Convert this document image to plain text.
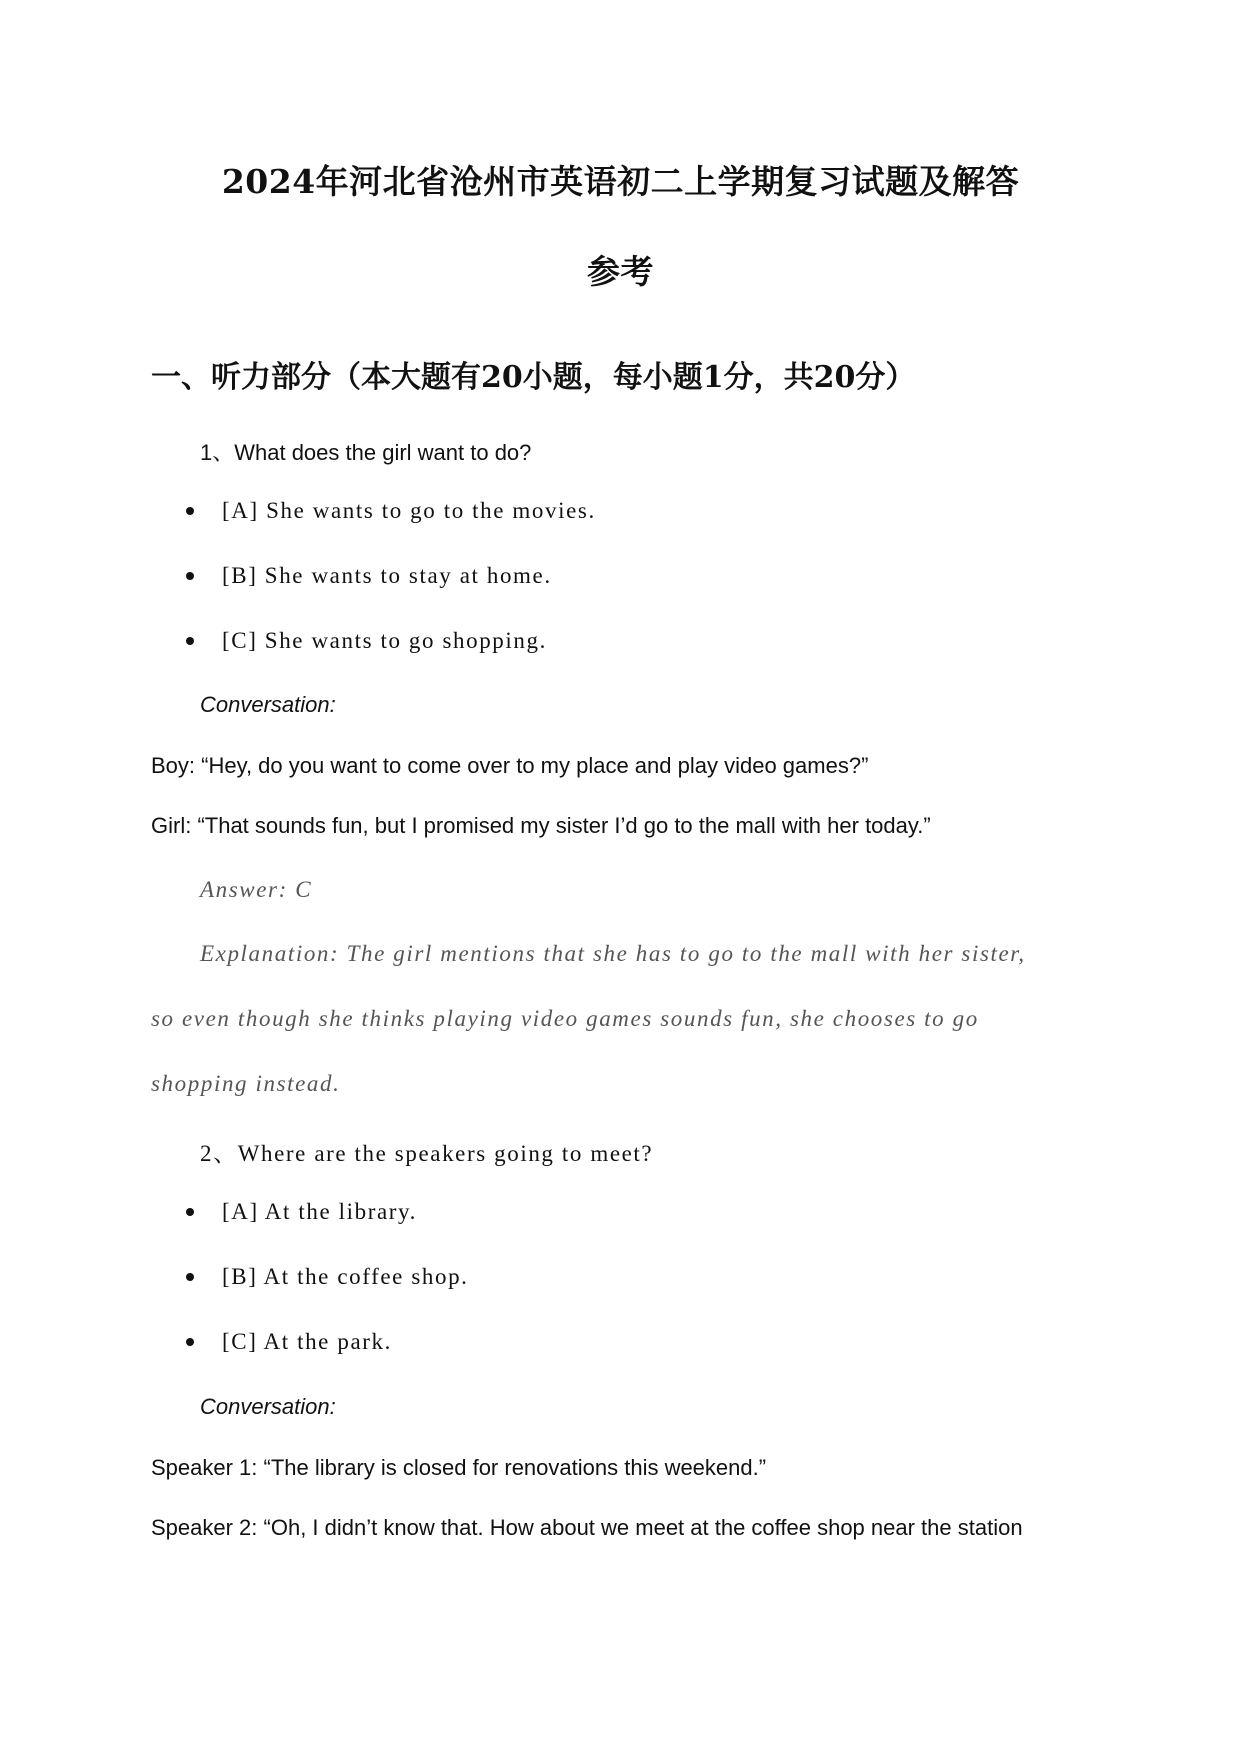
2024年河北省沧州市英语初二上学期复习试题及解答
参考
一、听力部分（本大题有20小题，每小题1分，共20分）

1、What does the girl want to do?

[A] She wants to go to the movies.

[B] She wants to stay at home.

[C] She wants to go shopping.

Conversation:

Boy: “Hey, do you want to come over to my place and play video games?”

Girl: “That sounds fun, but I promised my sister I’d go to the mall with her today.”

Answer: C

Explanation: The girl mentions that she has to go to the mall with her sister,

so even though she thinks playing video games sounds fun, she chooses to go

shopping instead.

2、Where are the speakers going to meet?

[A] At the library.

[B] At the coffee shop.

[C] At the park.

Conversation:

Speaker 1: “The library is closed for renovations this weekend.”

Speaker 2: “Oh, I didn’t know that. How about we meet at the coffee shop near the station
